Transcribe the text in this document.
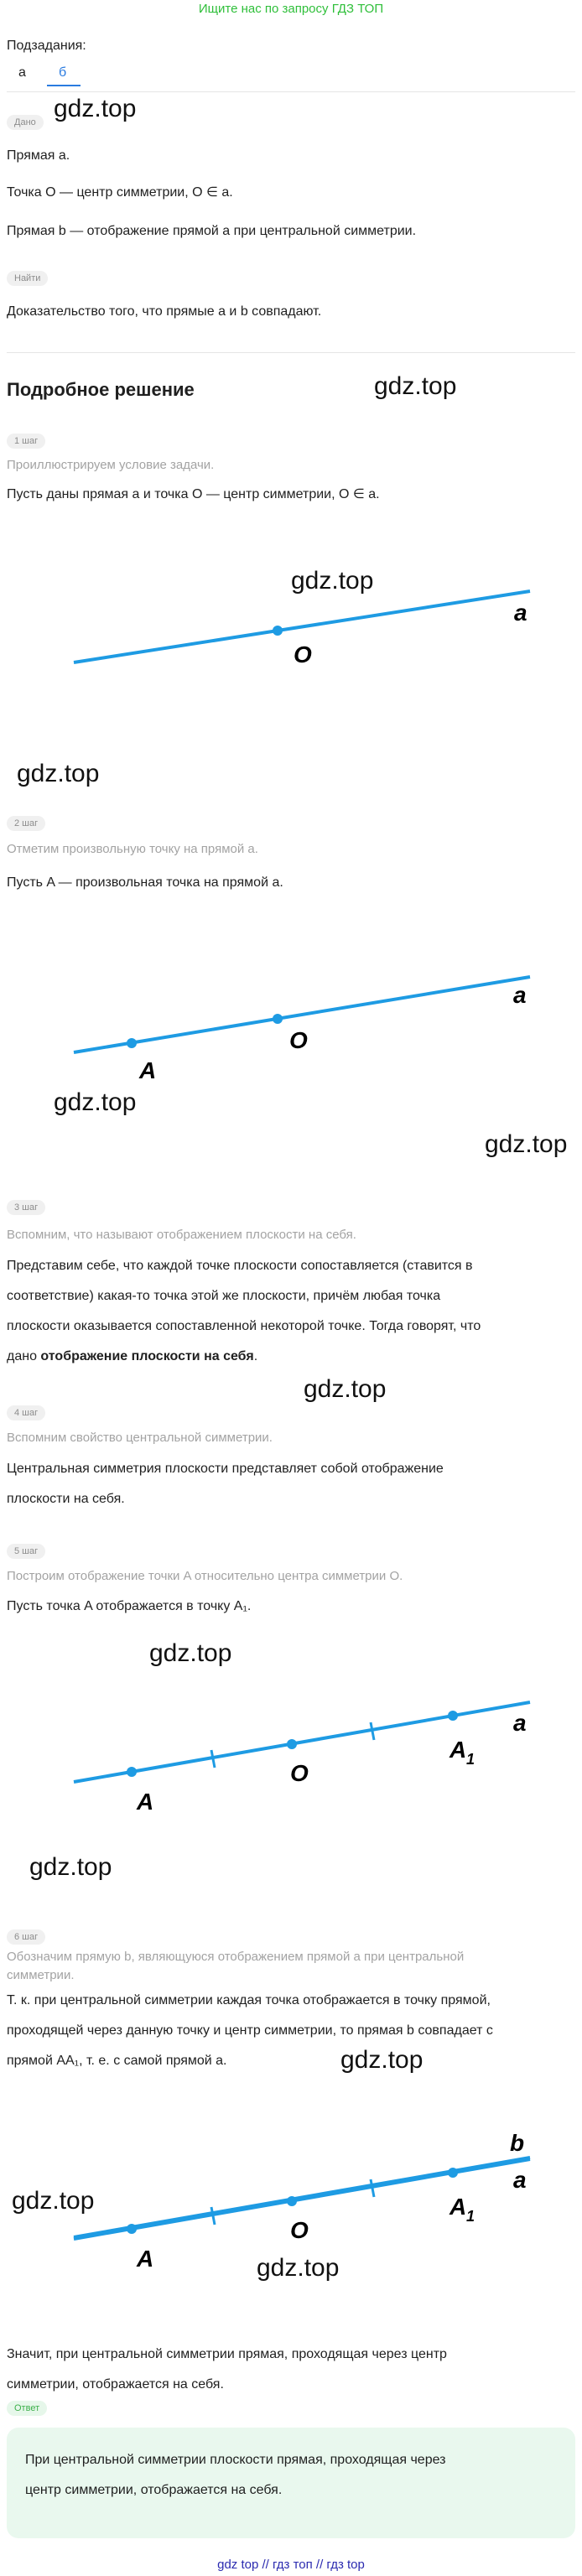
Ищите нас по запросу ГДЗ ТОП
Подзадания:
а б
Дано gdz.top
Прямая a.
Точка O — центр симметрии, O ∈ a.
Прямая b — отображение прямой a при центральной симметрии.
Найти
Доказательство того, что прямые a и b совпадают.
Подробное решение	gdz.top
1 шаг
Проиллюстрируем условие задачи.
Пусть даны прямая a и точка O — центр симметрии, O ∈ a.
O
a
gdz.top
gdz.top
2 шаг
Отметим произвольную точку на прямой a.
Пусть A — произвольная точка на прямой a.
A
O
a
gdz.top
gdz.top
3 шаг
Вспомним, что называют отображением плоскости на себя.
Представим себе, что каждой точке плоскости сопоставляется (ставится в
соответствие) какая-то точка этой же плоскости, причём любая точка
плоскости оказывается сопоставленной некоторой точке. Тогда говорят, что
дано отображение плоскости на себя.
gdz.top
4 шаг
Вспомним свойство центральной симметрии.
Центральная симметрия плоскости представляет собой отображение
плоскости на себя.
5 шаг
Построим отображение точки A относительно центра симметрии O.
Пусть точка A отображается в точку A₁.
gdz.top
A
O
A 1
a
gdz.top
6 шаг
Обозначим прямую b, являющуюся отображением прямой a при центральной
симметрии.
Т. к. при центральной симметрии каждая точка отображается в точку прямой,
проходящей через данную точку и центр симметрии, то прямая b совпадает с
прямой AA₁, т. е. с самой прямой a.	gdz.top
A
O
A 1
a
b
gdz.top
gdz.top
Значит, при центральной симметрии прямая, проходящая через центр
симметрии, отображается на себя.
Ответ
При центральной симметрии плоскости прямая, проходящая через
центр симметрии, отображается на себя.
gdz top // гдз топ // гдз top
